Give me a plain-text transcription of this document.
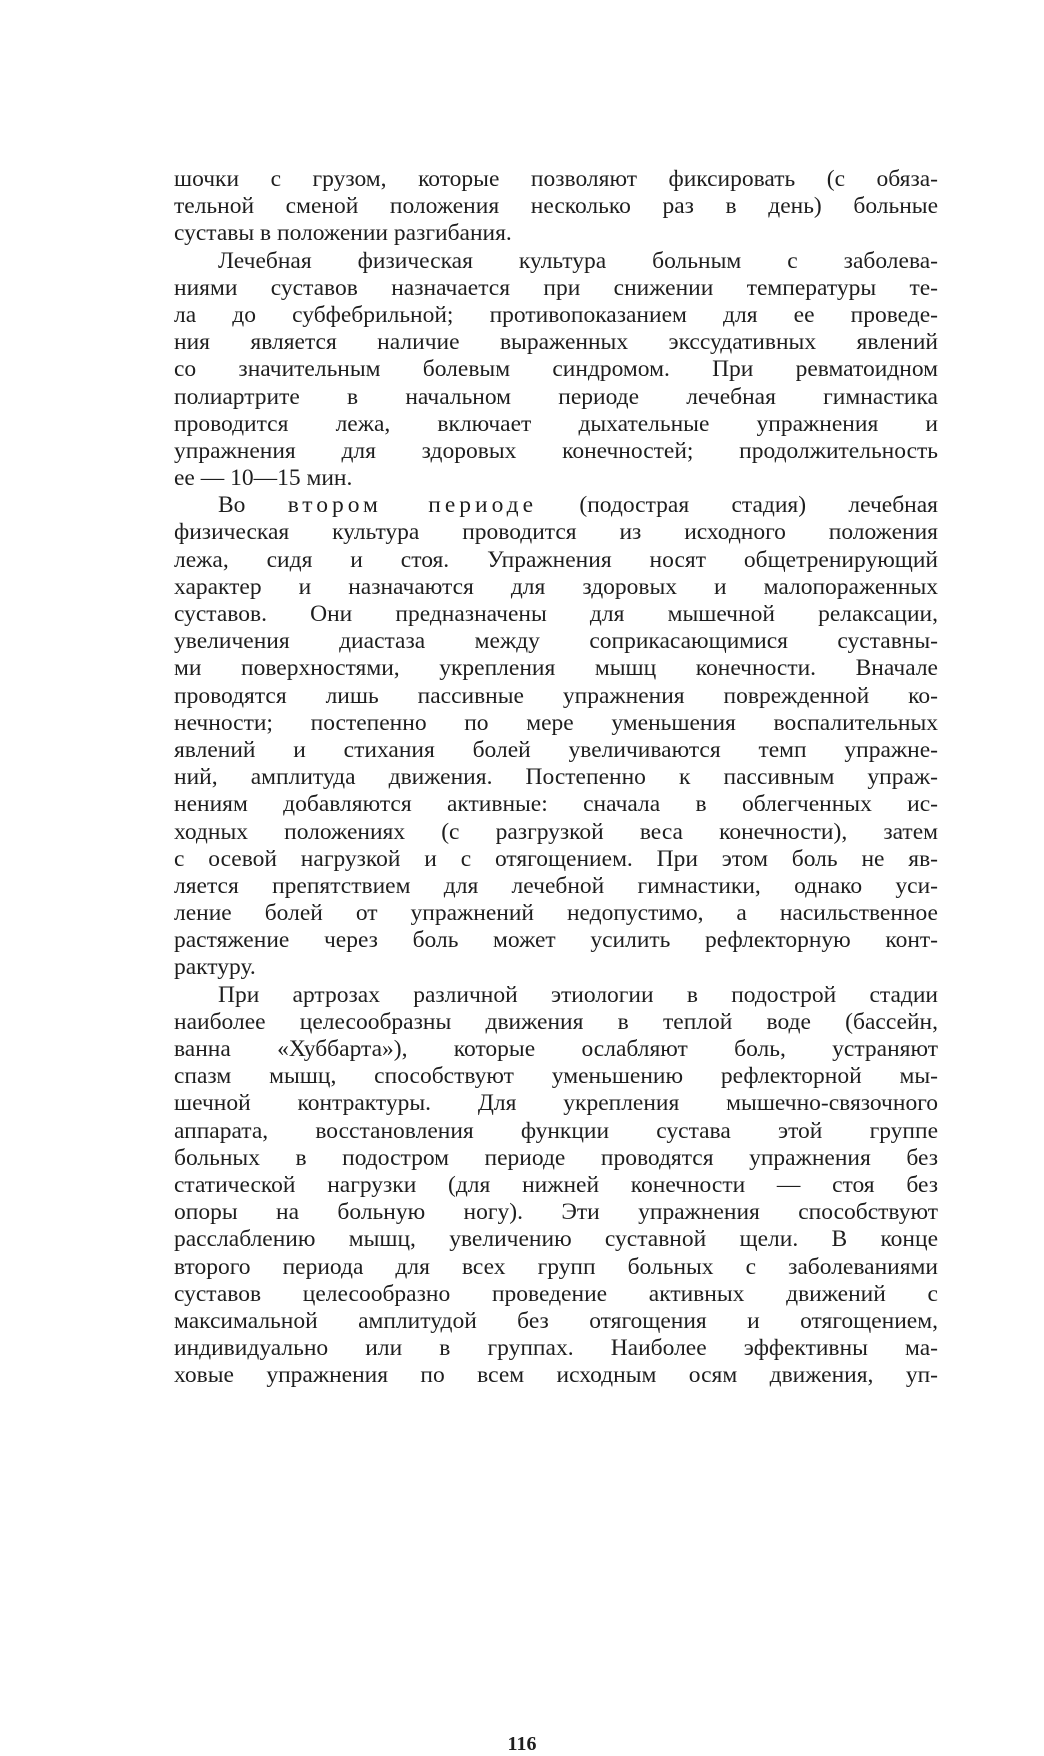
шочки с грузом, которые позволяют фиксировать (с обяза-
тельной сменой положения несколько раз в день) больные
суставы в положении разгибания.
Лечебная физическая культура больным с заболева-
ниями суставов назначается при снижении температуры те-
ла до субфебрильной; противопоказанием для ее проведе-
ния является наличие выраженных экссудативных явлений
со значительным болевым синдромом. При ревматоидном
полиартрите в начальном периоде лечебная гимнастика
проводится лежа, включает дыхательные упражнения и
упражнения для здоровых конечностей; продолжительность
ее — 10—15 мин.
Во втором периоде (подострая стадия) лечебная
физическая культура проводится из исходного положения
лежа, сидя и стоя. Упражнения носят общетренирующий
характер и назначаются для здоровых и малопораженных
суставов. Они предназначены для мышечной релаксации,
увеличения диастаза между соприкасающимися суставны-
ми поверхностями, укрепления мышц конечности. Вначале
проводятся лишь пассивные упражнения поврежденной ко-
нечности; постепенно по мере уменьшения воспалительных
явлений и стихания болей увеличиваются темп упражне-
ний, амплитуда движения. Постепенно к пассивным упраж-
нениям добавляются активные: сначала в облегченных ис-
ходных положениях (с разгрузкой веса конечности), затем
с осевой нагрузкой и с отягощением. При этом боль не яв-
ляется препятствием для лечебной гимнастики, однако уси-
ление болей от упражнений недопустимо, а насильственное
растяжение через боль может усилить рефлекторную конт-
рактуру.
При артрозах различной этиологии в подострой стадии
наиболее целесообразны движения в теплой воде (бассейн,
ванна «Хуббарта»), которые ослабляют боль, устраняют
спазм мышц, способствуют уменьшению рефлекторной мы-
шечной контрактуры. Для укрепления мышечно-связочного
аппарата, восстановления функции сустава этой группе
больных в подостром периоде проводятся упражнения без
статической нагрузки (для нижней конечности — стоя без
опоры на больную ногу). Эти упражнения способствуют
расслаблению мышц, увеличению суставной щели. В конце
второго периода для всех групп больных с заболеваниями
суставов целесообразно проведение активных движений с
максимальной амплитудой без отягощения и отягощением,
индивидуально или в группах. Наиболее эффективны ма-
ховые упражнения по всем исходным осям движения, уп-
116
